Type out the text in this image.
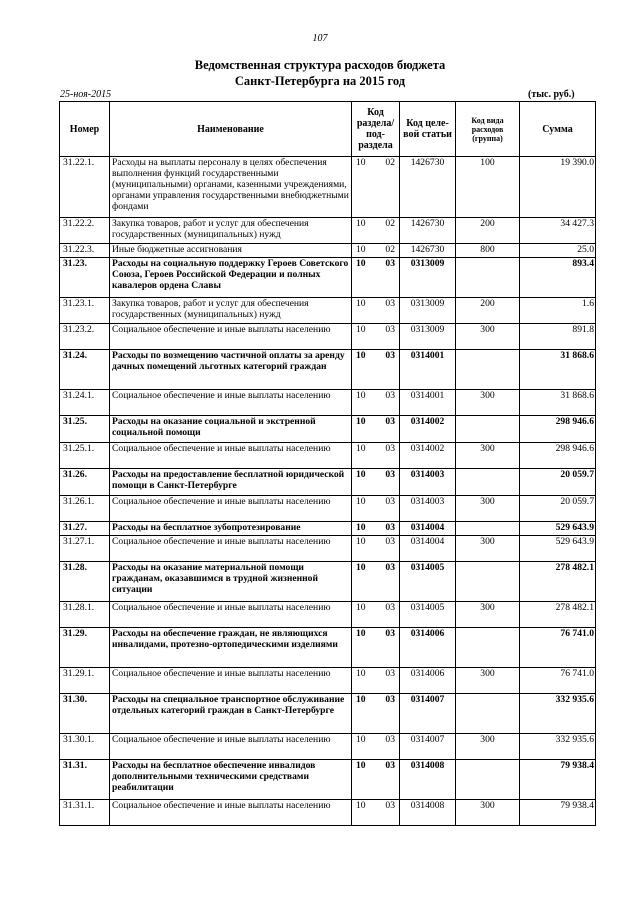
107
Ведомственная структура расходов бюджета
Санкт-Петербурга на 2015 год
25-ноя-2015	(тыс. руб.)
Номер	Наименование	Код раздела/ под-раздела		Код целе-вой статьи	Код вида расходов (группа)	Сумма
31.22.1.	Расходы на выплаты персоналу в целях обеспечения выполнения функций государственными (муниципальными) органами, казенными учреждениями, органами управления государственными внебюджетными фондами	10	02	1426730	100	19 390.0
31.22.2.	Закупка товаров, работ и услуг для обеспечения государственных (муниципальных) нужд	10	02	1426730	200	34 427.3
31.22.3.	Иные бюджетные ассигнования	10	02	1426730	800	25.0
31.23.	Расходы на социальную поддержку Героев Советского Союза, Героев Российской Федерации и полных кавалеров ордена Славы	10	03	0313009		893.4
31.23.1.	Закупка товаров, работ и услуг для обеспечения государственных (муниципальных) нужд	10	03	0313009	200	1.6
31.23.2.	Социальное обеспечение и иные выплаты населению	10	03	0313009	300	891.8
31.24.	Расходы по возмещению частичной оплаты за аренду дачных помещений льготных категорий граждан	10	03	0314001		31 868.6
31.24.1.	Социальное обеспечение и иные выплаты населению	10	03	0314001	300	31 868.6
31.25.	Расходы на оказание социальной и экстренной социальной помощи	10	03	0314002		298 946.6
31.25.1.	Социальное обеспечение и иные выплаты населению	10	03	0314002	300	298 946.6
31.26.	Расходы на предоставление бесплатной юридической помощи в Санкт-Петербурге	10	03	0314003		20 059.7
31.26.1.	Социальное обеспечение и иные выплаты населению	10	03	0314003	300	20 059.7
31.27.	Расходы на бесплатное зубопротезирование	10	03	0314004		529 643.9
31.27.1.	Социальное обеспечение и иные выплаты населению	10	03	0314004	300	529 643.9
31.28.	Расходы на оказание материальной помощи гражданам, оказавшимся в трудной жизненной ситуации	10	03	0314005		278 482.1
31.28.1.	Социальное обеспечение и иные выплаты населению	10	03	0314005	300	278 482.1
31.29.	Расходы на обеспечение граждан, не являющихся инвалидами, протезно-ортопедическими изделиями	10	03	0314006		76 741.0
31.29.1.	Социальное обеспечение и иные выплаты населению	10	03	0314006	300	76 741.0
31.30.	Расходы на специальное транспортное обслуживание отдельных категорий граждан в Санкт-Петербурге	10	03	0314007		332 935.6
31.30.1.	Социальное обеспечение и иные выплаты населению	10	03	0314007	300	332 935.6
31.31.	Расходы на бесплатное обеспечение инвалидов дополнительными техническими средствами реабилитации	10	03	0314008		79 938.4
31.31.1.	Социальное обеспечение и иные выплаты населению	10	03	0314008	300	79 938.4
